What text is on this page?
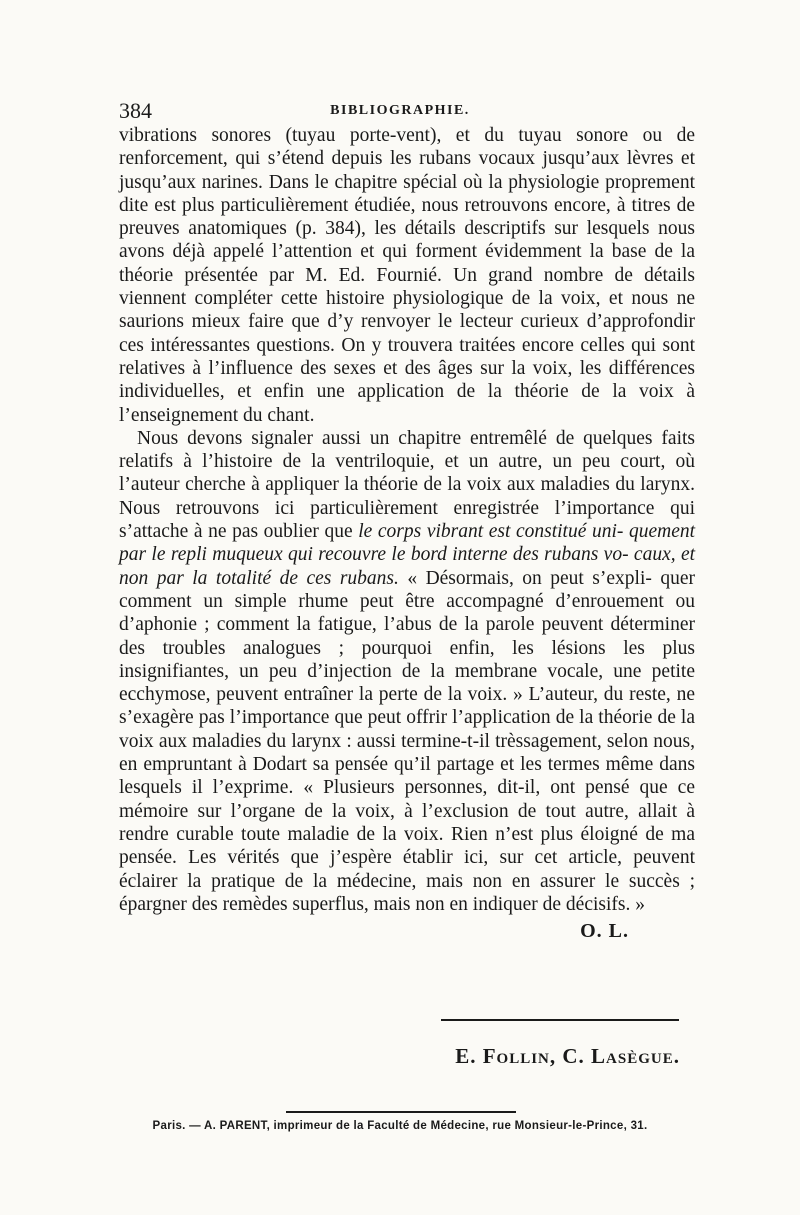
384	BIBLIOGRAPHIE.

vibrations sonores (tuyau porte-vent), et du tuyau sonore ou de renforcement, qui s’étend depuis les rubans vocaux jusqu’aux lèvres et jusqu’aux narines. Dans le chapitre spécial où la physiologie proprement dite est plus particulièrement étudiée, nous retrouvons encore, à titres de preuves anatomiques (p. 384), les détails descriptifs sur lesquels nous avons déjà appelé l’attention et qui forment évidemment la base de la théorie présentée par M. Ed. Fournié. Un grand nombre de détails viennent compléter cette histoire physiologique de la voix, et nous ne saurions mieux faire que d’y renvoyer le lecteur curieux d’approfondir ces intéressantes questions. On y trouvera traitées encore celles qui sont relatives à l’influence des sexes et des âges sur la voix, les différences individuelles, et enfin une application de la théorie de la voix à l’enseignement du chant.

Nous devons signaler aussi un chapitre entremêlé de quelques faits relatifs à l’histoire de la ventriloquie, et un autre, un peu court, où l’auteur cherche à appliquer la théorie de la voix aux maladies du larynx. Nous retrouvons ici particulièrement enregistrée l’importance qui s’attache à ne pas oublier que le corps vibrant est constitué uni- quement par le repli muqueux qui recouvre le bord interne des rubans vo- caux, et non par la totalité de ces rubans. « Désormais, on peut s’expli- quer comment un simple rhume peut être accompagné d’enrouement ou d’aphonie ; comment la fatigue, l’abus de la parole peuvent déterminer des troubles analogues ; pourquoi enfin, les lésions les plus insignifiantes, un peu d’injection de la membrane vocale, une petite ecchymose, peuvent entraîner la perte de la voix. » L’auteur, du reste, ne s’exagère pas l’importance que peut offrir l’application de la théorie de la voix aux maladies du larynx : aussi termine-t-il trèssagement, selon nous, en empruntant à Dodart sa pensée qu’il partage et les termes même dans lesquels il l’exprime. « Plusieurs personnes, dit-il, ont pensé que ce mémoire sur l’organe de la voix, à l’exclusion de tout autre, allait à rendre curable toute maladie de la voix. Rien n’est plus éloigné de ma pensée. Les vérités que j’espère établir ici, sur cet article, peuvent éclairer la pratique de la médecine, mais non en assurer le succès ; épargner des remèdes superflus, mais non en indiquer de décisifs. »

O. L.
E. Follin, C. Lasègue.
Paris. — A. PARENT, imprimeur de la Faculté de Médecine, rue Monsieur-le-Prince, 31.
